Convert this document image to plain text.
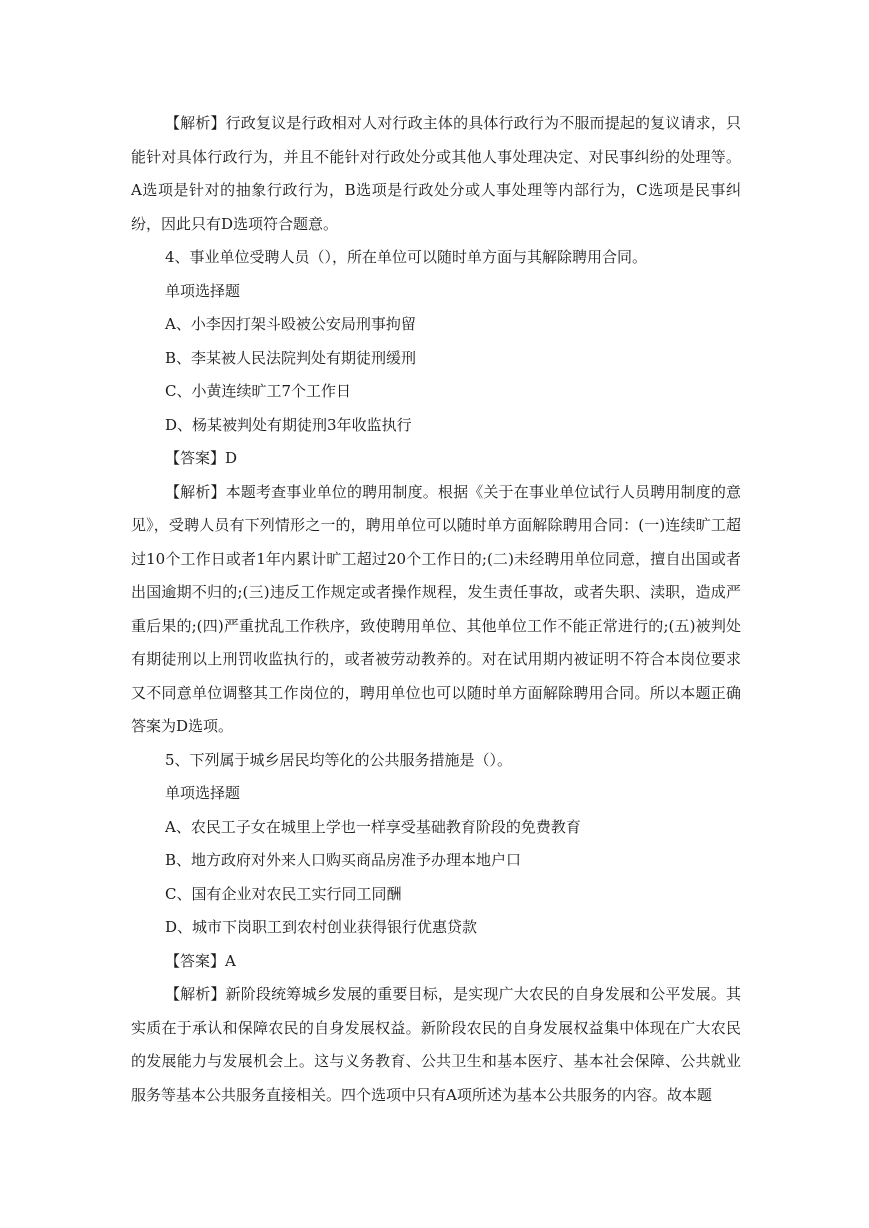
【解析】行政复议是行政相对人对行政主体的具体行政行为不服而提起的复议请求，只能针对具体行政行为，并且不能针对行政处分或其他人事处理决定、对民事纠纷的处理等。A选项是针对的抽象行政行为，B选项是行政处分或人事处理等内部行为，C选项是民事纠纷，因此只有D选项符合题意。

4、事业单位受聘人员（），所在单位可以随时单方面与其解除聘用合同。

单项选择题

A、小李因打架斗殴被公安局刑事拘留

B、李某被人民法院判处有期徒刑缓刑

C、小黄连续旷工7个工作日

D、杨某被判处有期徒刑3年收监执行

【答案】D

【解析】本题考查事业单位的聘用制度。根据《关于在事业单位试行人员聘用制度的意见》，受聘人员有下列情形之一的，聘用单位可以随时单方面解除聘用合同：(一)连续旷工超过10个工作日或者1年内累计旷工超过20个工作日的;(二)未经聘用单位同意，擅自出国或者出国逾期不归的;(三)违反工作规定或者操作规程，发生责任事故，或者失职、渎职，造成严重后果的;(四)严重扰乱工作秩序，致使聘用单位、其他单位工作不能正常进行的;(五)被判处有期徒刑以上刑罚收监执行的，或者被劳动教养的。对在试用期内被证明不符合本岗位要求又不同意单位调整其工作岗位的，聘用单位也可以随时单方面解除聘用合同。所以本题正确答案为D选项。

5、下列属于城乡居民均等化的公共服务措施是（）。

单项选择题

A、农民工子女在城里上学也一样享受基础教育阶段的免费教育

B、地方政府对外来人口购买商品房准予办理本地户口

C、国有企业对农民工实行同工同酬

D、城市下岗职工到农村创业获得银行优惠贷款

【答案】A

【解析】新阶段统筹城乡发展的重要目标，是实现广大农民的自身发展和公平发展。其实质在于承认和保障农民的自身发展权益。新阶段农民的自身发展权益集中体现在广大农民的发展能力与发展机会上。这与义务教育、公共卫生和基本医疗、基本社会保障、公共就业服务等基本公共服务直接相关。四个选项中只有A项所述为基本公共服务的内容。故本题
